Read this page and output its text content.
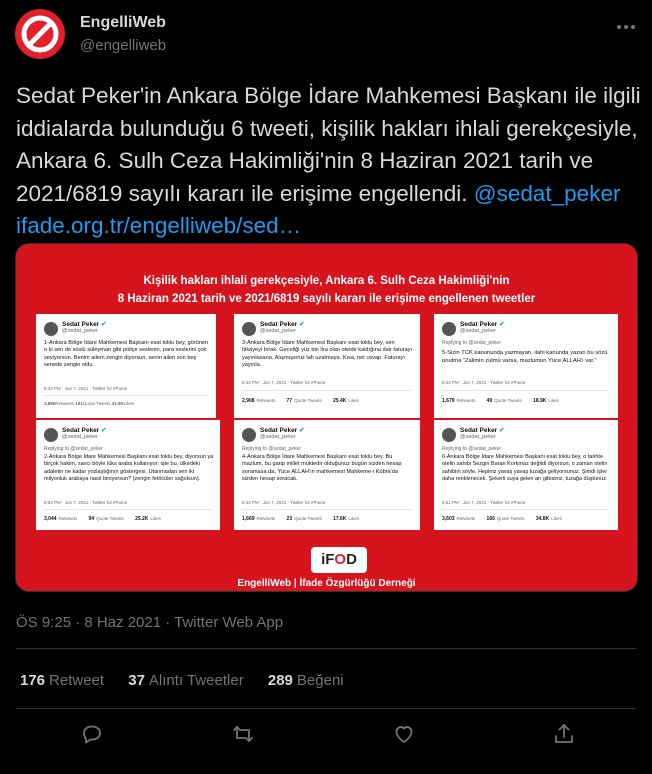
EngelliWeb
@engelliweb
Sedat Peker'in Ankara Bölge İdare Mahkemesi Başkanı ile ilgili iddialarda bulunduğu 6 tweeti, kişilik hakları ihlali gerekçesiyle, Ankara 6. Sulh Ceza Hakimliği'nin 8 Haziran 2021 tarih ve 2021/6819 sayılı kararı ile erişime engellendi. @sedat_peker ifade.org.tr/engelliweb/sed…
Kişilik hakları ihlali gerekçesiyle, Ankara 6. Sulh Ceza Hakimliği'nin
8 Haziran 2021 tarih ve 2021/6819 sayılı kararı ile erişime engellenen tweetler
Sedat Peker ✔
@sedat_peker
1-Ankara Bölge İdare Mahkemesi Başkanı esat toklu bey, görünen o ki sen de süslü süleyman gibi poliçe seslerini, para seslerini çok seviyorsun. Benim ailem zengin diyorsun, senin ailen son beş senede zengin oldu.
8:33 PM · Jun 7, 2021 · Twitter for iPhone
3,896Retweets 101Quote Tweets 31.9KLikes
Sedat Peker ✔
@sedat_peker
3-Ankara Bölge İdare Mahkemesi Başkanı esat toklu bey, sen hikayeyi bırak. Geceliği yüz bin lira olan otelde kaldığına dair faturayı yayınlasana. Alışmışsınız lafı uzatmaya. Kısa, net cevap. Faturayı yayınla.
8:43 PM · Jun 7, 2021 · Twitter for iPhone
2,908 Retweets 77 Quote Tweets 25.4K Likes
Sedat Peker ✔
@sedat_peker
Replying to @sedat_peker
5-Sizin TCK kanununda yazmayan, ilahi kanunda yazan bu sözü unutma "Zalimin zulmü varsa, mazlumun Yüce ALLAH'ı var."
8:43 PM · Jun 7, 2021 · Twitter for iPhone
1,679 Retweets 49 Quote Tweets 18.9K Likes
Sedat Peker ✔
@sedat_peker
Replying to @sedat_peker
2-Ankara Bölge İdare Mahkemesi Başkanı esat toklu bey, diyorsun ya birçok hakim, savcı böyle lüks araba kullanıyor; işte bu, ülkedeki adaletin ne kadar yozlaştığının göstergesi. Utanmadan sen iki milyonluk arabaya nasıl biniyorsun? (zengin fetöcüler sağolsun).
8:53 PM · Jun 7, 2021 · Twitter for iPhone
3,044 Retweets 94 Quote Tweets 25.2K Likes
Sedat Peker ✔
@sedat_peker
Replying to @sedat_peker
4-Ankara Bölge İdare Mahkemesi Başkanı esat toklu bey, Bu mazlum, bu garip millet muktedir olduğunuz bugün sizden hesap soramasa da, Yüce ALLAH'ın mahkemesi Mahkeme-i Kübra'da sizden hesap soracak.
8:43 PM · Jun 7, 2021 · Twitter for iPhone
1,669 Retweets 23 Quote Tweets 17.6K Likes
Sedat Peker ✔
@sedat_peker
Replying to @sedat_peker
6-Ankara Bölge İdare Mahkemesi Başkanı esat toklu bey, o tarihte otelin sahibi Sezgin Baran Korkmaz değildi diyorsun, o zaman otelin sahibini söyle. Hepiniz yavaş yavaş tuzağa geliyorsunuz. Şimdi işler daha renklenecek. Şekerli suya gelen arı gibisiniz, tuzağa düştünüz.
8:51 PM · Jun 7, 2021 · Twitter for iPhone
3,603 Retweets 166 Quote Tweets 34.8K Likes
iFOD
EngelliWeb | İfade Özgürlüğü Derneği
ÖS 9:25 · 8 Haz 2021 · Twitter Web App
176 Retweet 37 Alıntı Tweetler 289 Beğeni
